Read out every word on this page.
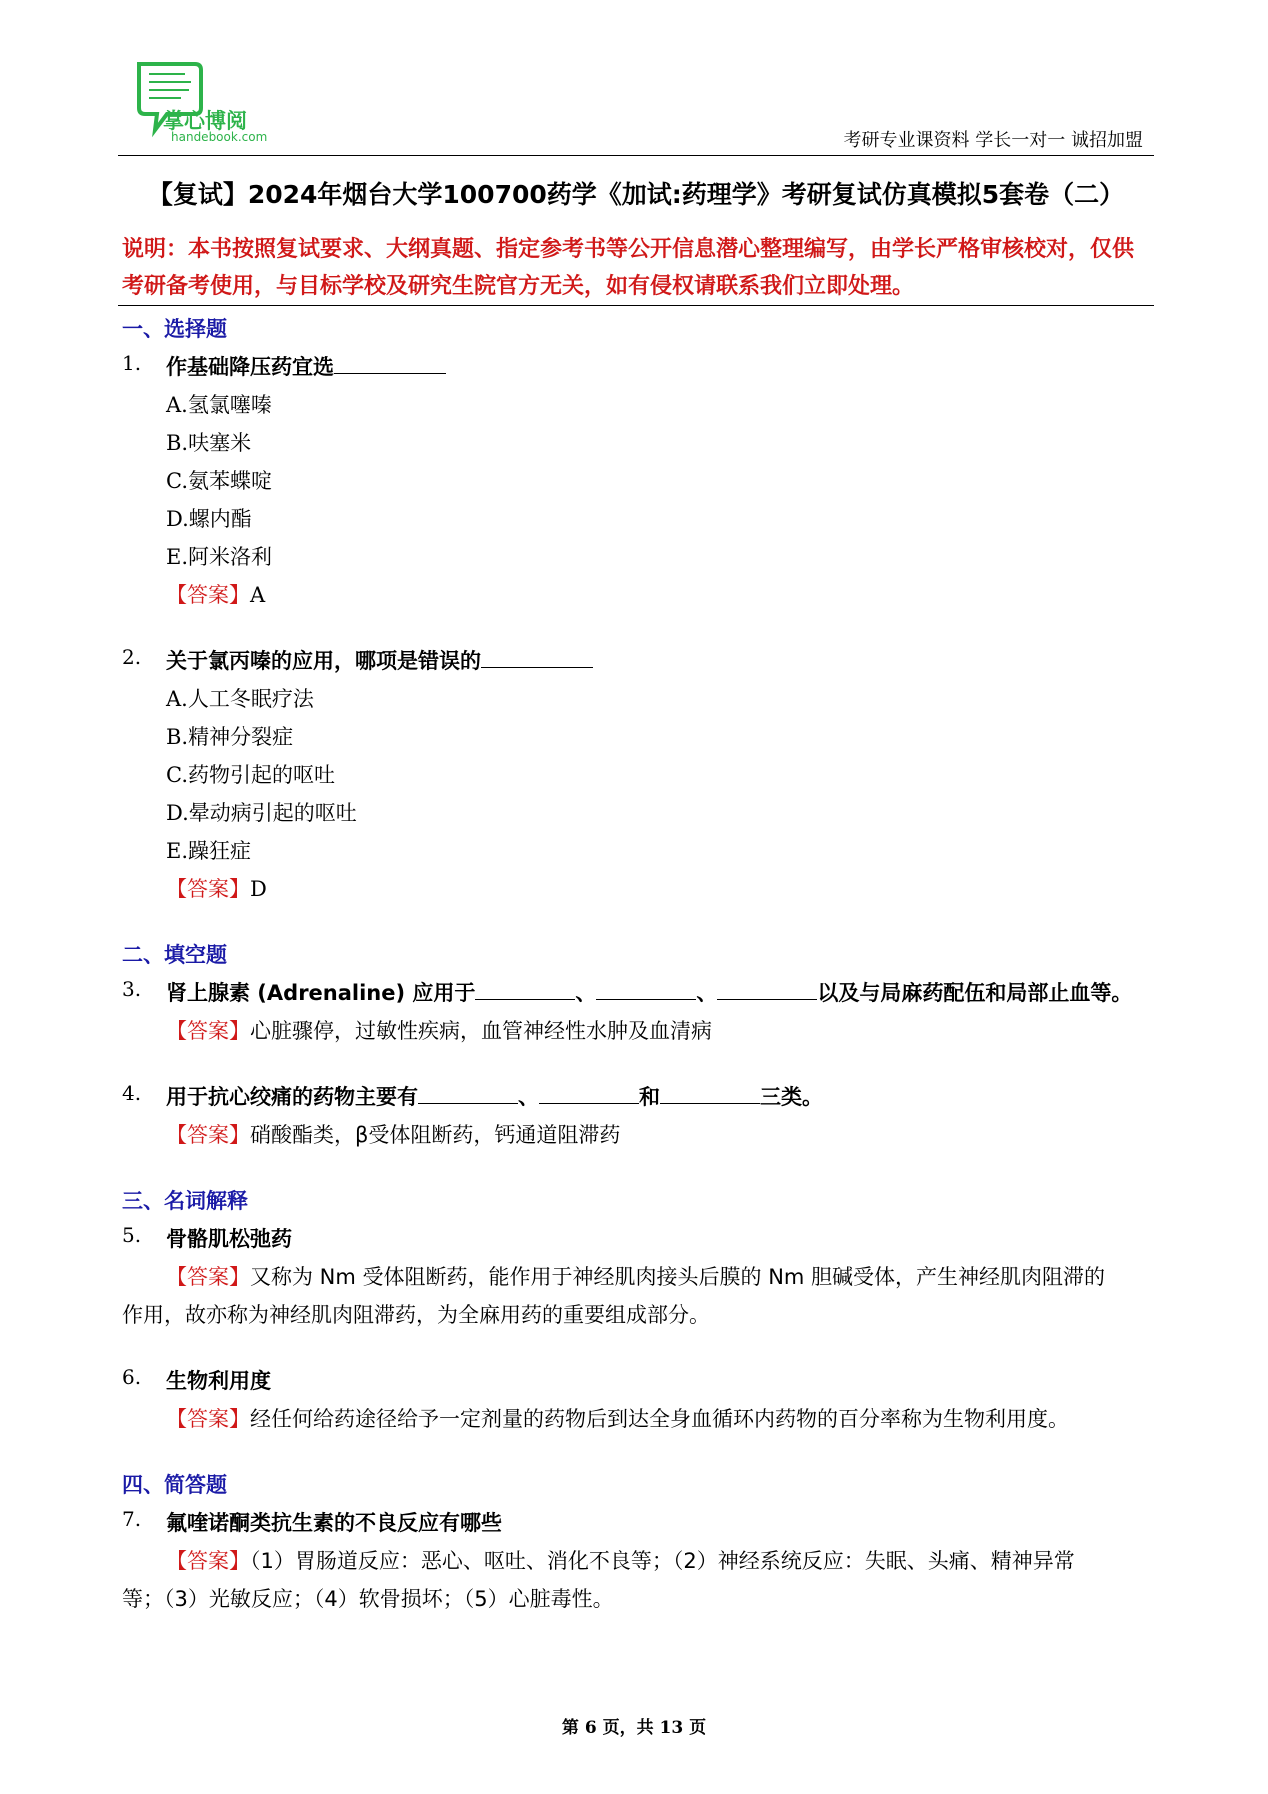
掌心博阅
handebook.com	考研专业课资料 学长一对一 诚招加盟
【复试】2024年烟台大学100700药学《加试:药理学》考研复试仿真模拟5套卷（二）
说明：本书按照复试要求、大纲真题、指定参考书等公开信息潜心整理编写，由学长严格审核校对，仅供考研备考使用，与目标学校及研究生院官方无关，如有侵权请联系我们立即处理。
一、选择题
1. 作基础降压药宜选
A.氢氯噻嗪
B.呋塞米
C.氨苯蝶啶
D.螺内酯
E.阿米洛利
【答案】A
2. 关于氯丙嗪的应用，哪项是错误的
A.人工冬眠疗法
B.精神分裂症
C.药物引起的呕吐
D.晕动病引起的呕吐
E.躁狂症
【答案】D
二、填空题
3. 肾上腺素 (Adrenaline) 应用于	、	、	以及与局麻药配伍和局部止血等。
【答案】心脏骤停，过敏性疾病，血管神经性水肿及血清病
4. 用于抗心绞痛的药物主要有	、	和	三类。
【答案】硝酸酯类，β受体阻断药，钙通道阻滞药
三、名词解释
5. 骨骼肌松弛药
【答案】又称为 Nm 受体阻断药，能作用于神经肌肉接头后膜的 Nm 胆碱受体，产生神经肌肉阻滞的
作用，故亦称为神经肌肉阻滞药，为全麻用药的重要组成部分。
6. 生物利用度
【答案】经任何给药途径给予一定剂量的药物后到达全身血循环内药物的百分率称为生物利用度。
四、简答题
7. 氟喹诺酮类抗生素的不良反应有哪些
【答案】（1）胃肠道反应：恶心、呕吐、消化不良等；（2）神经系统反应：失眠、头痛、精神异常
等；（3）光敏反应；（4）软骨损坏；（5）心脏毒性。
第 6 页，共 13 页
